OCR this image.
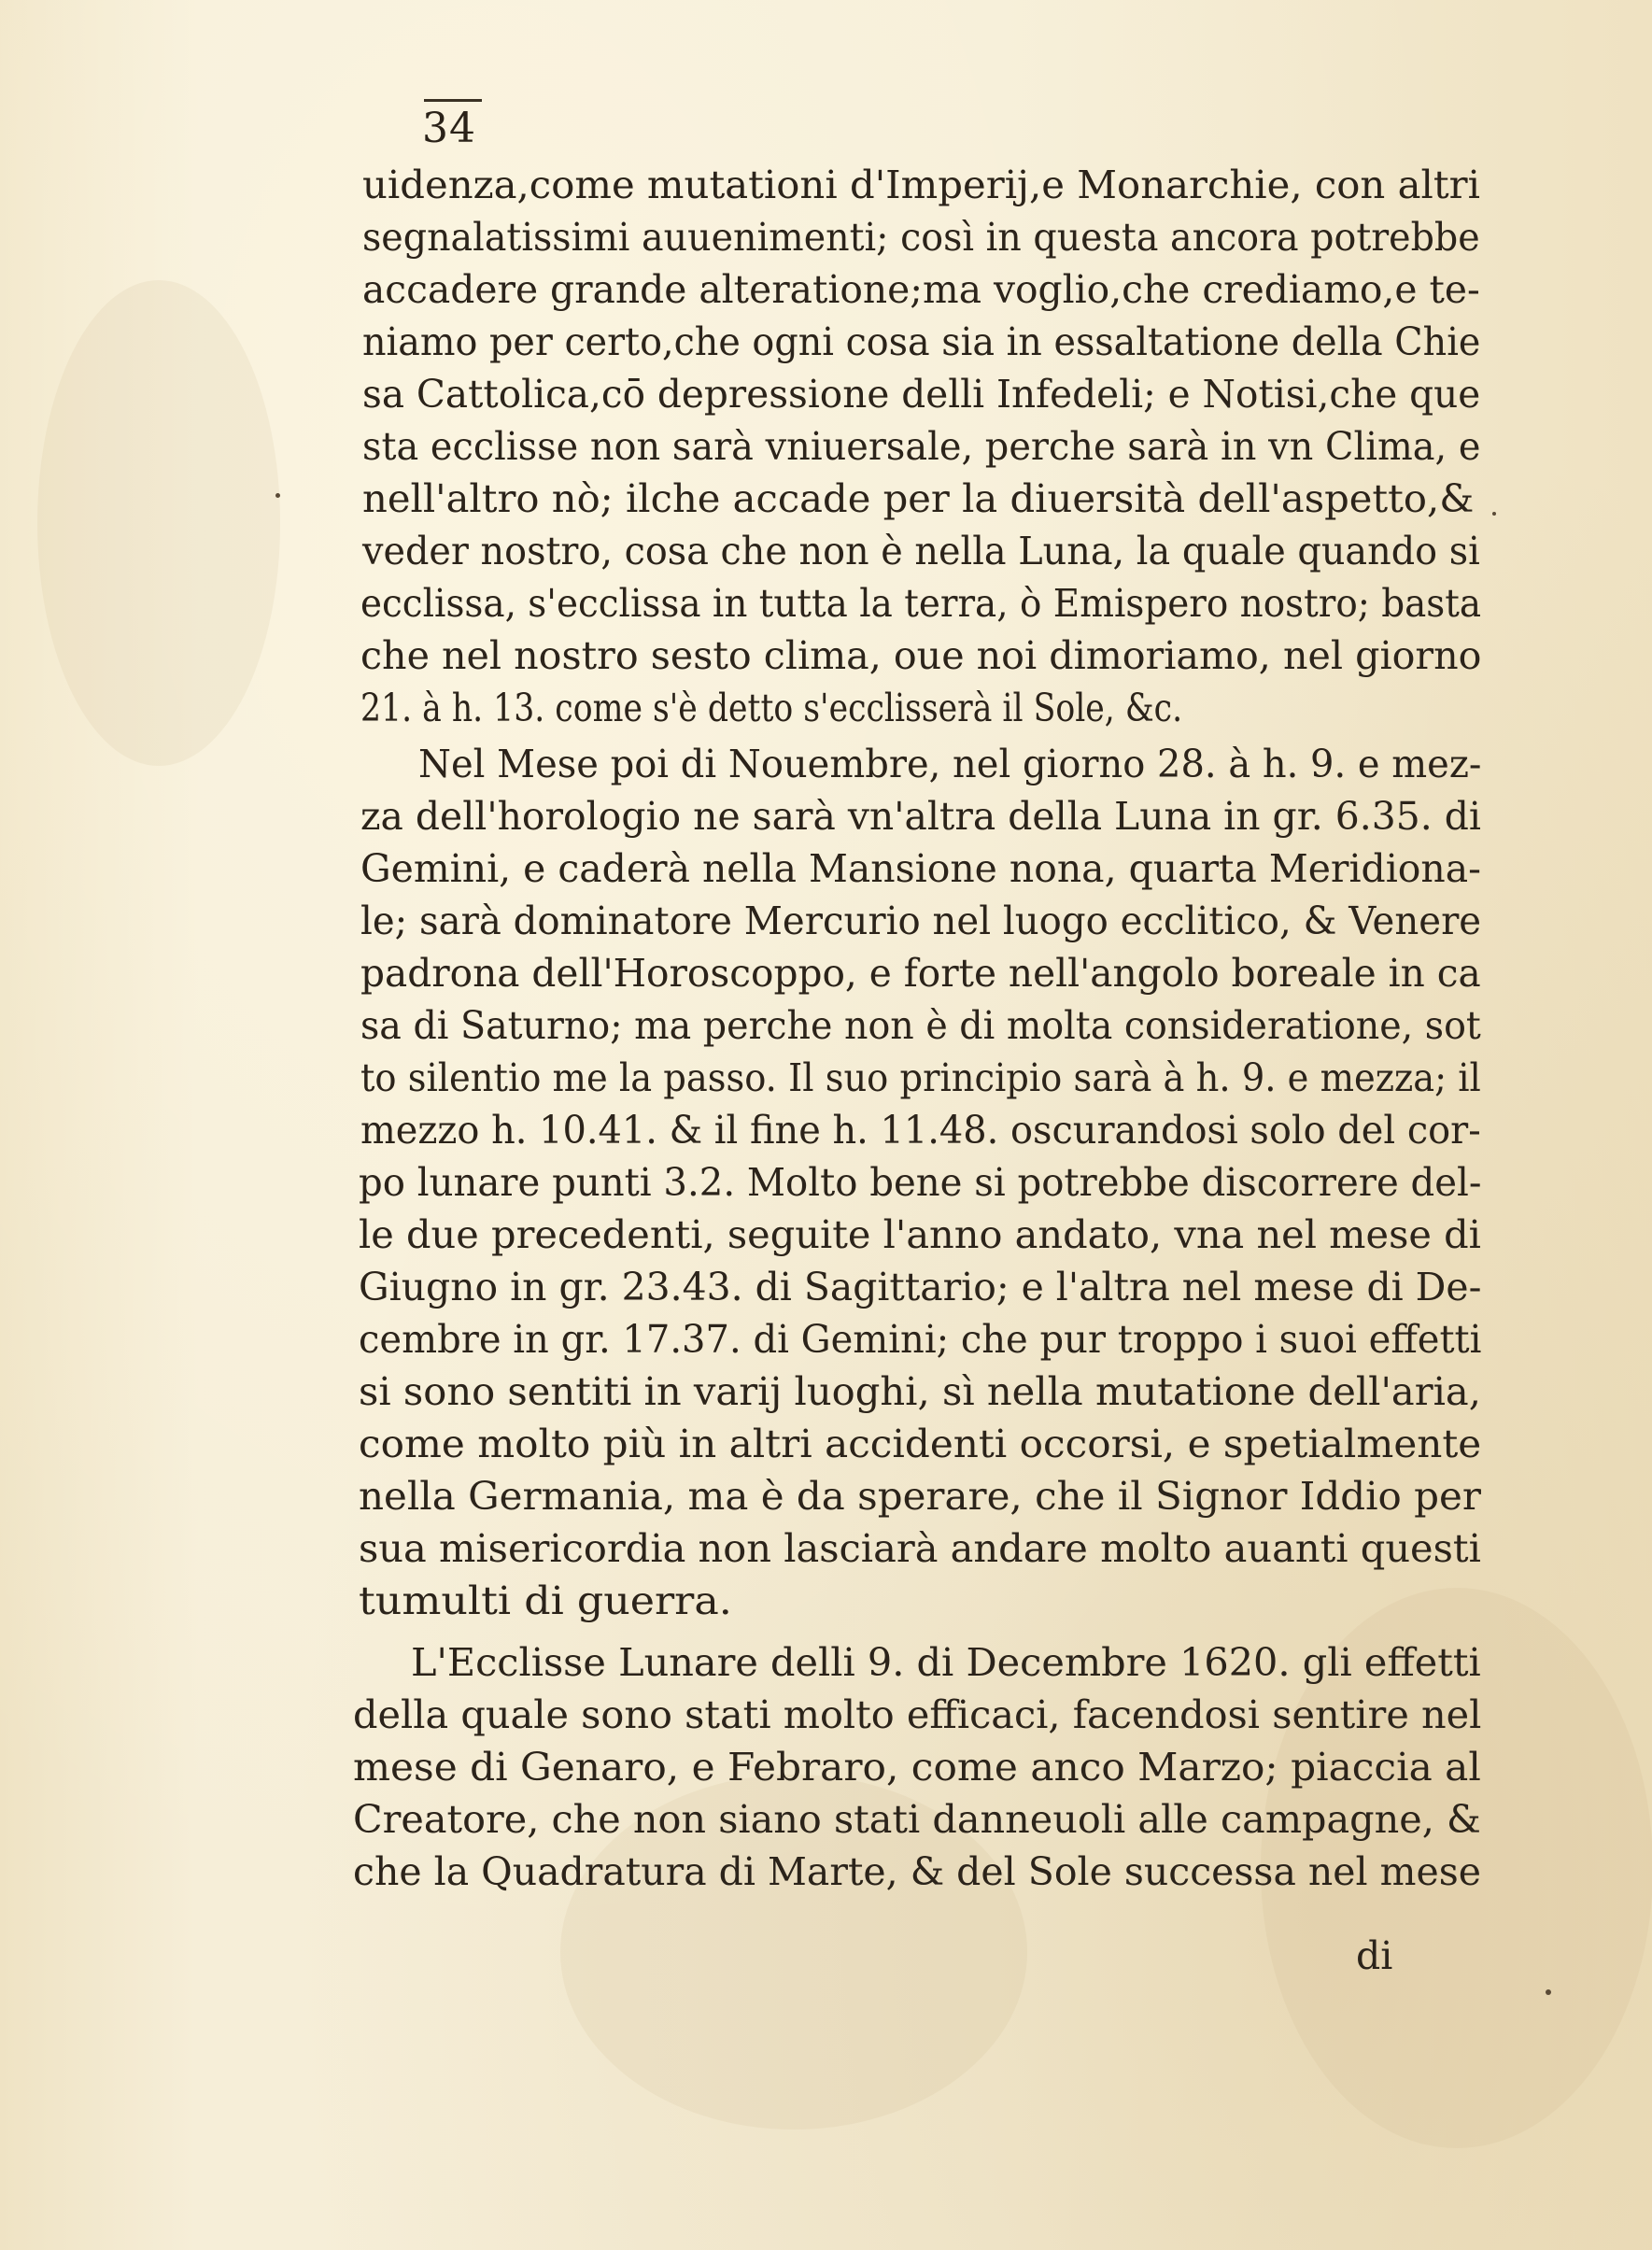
34
uidenza,come mutationi d'Imperij,e Monarchie, con altri
segnalatissimi auuenimenti; così in questa ancora potrebbe
accadere grande alteratione;ma voglio,che crediamo,e te-
niamo per certo,che ogni cosa sia in essaltatione della Chie
sa Cattolica,cō depressione delli Infedeli; e Notisi,che que
sta ecclisse non sarà vniuersale, perche sarà in vn Clima, e
nell'altro nò; ilche accade per la diuersità dell'aspetto,&
veder nostro, cosa che non è nella Luna, la quale quando si
ecclissa, s'ecclissa in tutta la terra, ò Emispero nostro; basta
che nel nostro sesto clima, oue noi dimoriamo, nel giorno
21. à h. 13. come s'è detto s'ecclisserà il Sole, &c.
Nel Mese poi di Nouembre, nel giorno 28. à h. 9. e mez-
za dell'horologio ne sarà vn'altra della Luna in gr. 6.35. di
Gemini, e caderà nella Mansione nona, quarta Meridiona-
le; sarà dominatore Mercurio nel luogo ecclitico, & Venere
padrona dell'Horoscoppo, e forte nell'angolo boreale in ca
sa di Saturno; ma perche non è di molta consideratione, sot
to silentio me la passo. Il suo principio sarà à h. 9. e mezza; il
mezzo h. 10.41. & il fine h. 11.48. oscurandosi solo del cor-
po lunare punti 3.2. Molto bene si potrebbe discorrere del-
le due precedenti, seguite l'anno andato, vna nel mese di
Giugno in gr. 23.43. di Sagittario; e l'altra nel mese di De-
cembre in gr. 17.37. di Gemini; che pur troppo i suoi effetti
si sono sentiti in varij luoghi, sì nella mutatione dell'aria,
come molto più in altri accidenti occorsi, e spetialmente
nella Germania, ma è da sperare, che il Signor Iddio per
sua misericordia non lasciarà andare molto auanti questi
tumulti di guerra.
L'Ecclisse Lunare delli 9. di Decembre 1620. gli effetti
della quale sono stati molto efficaci, facendosi sentire nel
mese di Genaro, e Febraro, come anco Marzo; piaccia al
Creatore, che non siano stati danneuoli alle campagne, &
che la Quadratura di Marte, & del Sole successa nel mese
di
